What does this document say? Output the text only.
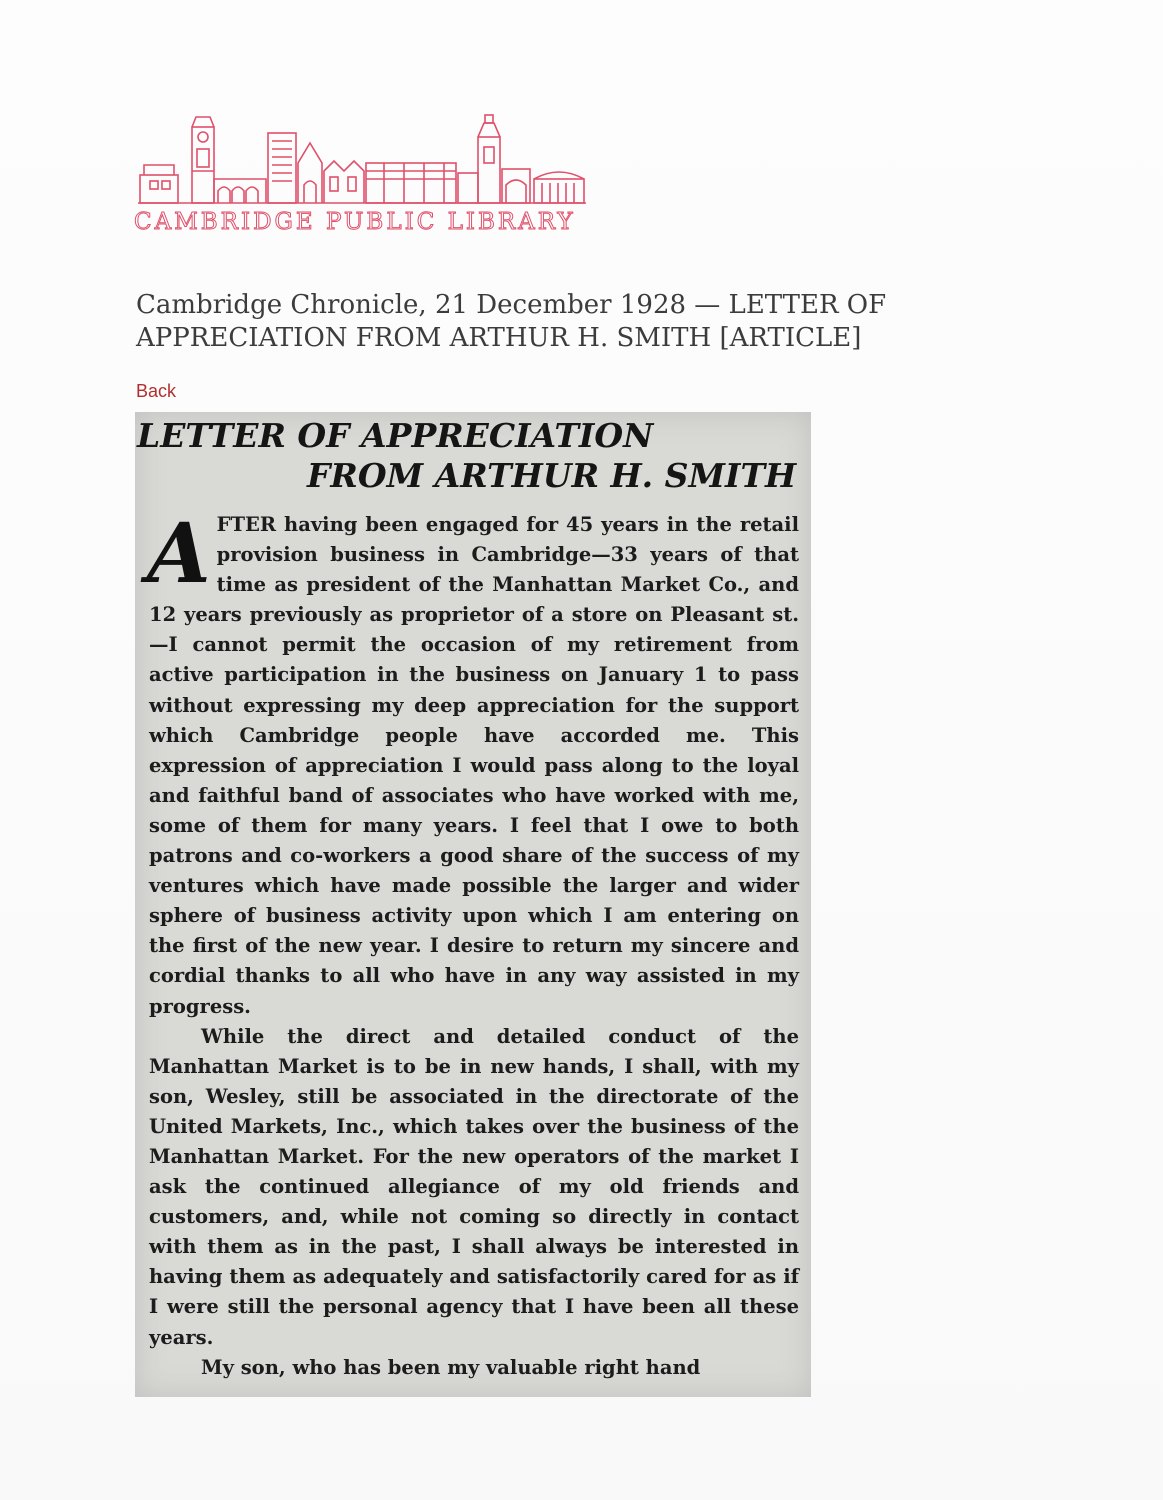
CAMBRIDGE PUBLIC LIBRARY
Cambridge Chronicle, 21 December 1928 — LETTER OF APPRECIATION FROM ARTHUR H. SMITH [ARTICLE]
Back
LETTER OF APPRECIATION
FROM ARTHUR H. SMITH

AFTER having been engaged for 45 years in the retail provision business in Cambridge—33 years of that time as president of the Manhattan Market Co., and 12 years previously as proprietor of a store on Pleasant st.—I cannot permit the occasion of my retirement from active participation in the business on January 1 to pass without expressing my deep appreciation for the support which Cambridge people have accorded me. This expression of appreciation I would pass along to the loyal and faithful band of associates who have worked with me, some of them for many years. I feel that I owe to both patrons and co-workers a good share of the success of my ventures which have made possible the larger and wider sphere of business activity upon which I am entering on the first of the new year. I desire to return my sincere and cordial thanks to all who have in any way assisted in my progress.

While the direct and detailed conduct of the Manhattan Market is to be in new hands, I shall, with my son, Wesley, still be associated in the directorate of the United Markets, Inc., which takes over the business of the Manhattan Market. For the new operators of the market I ask the continued allegiance of my old friends and customers, and, while not coming so directly in contact with them as in the past, I shall always be interested in having them as adequately and satisfactorily cared for as if I were still the personal agency that I have been all these years.

My son, who has been my valuable right hand
